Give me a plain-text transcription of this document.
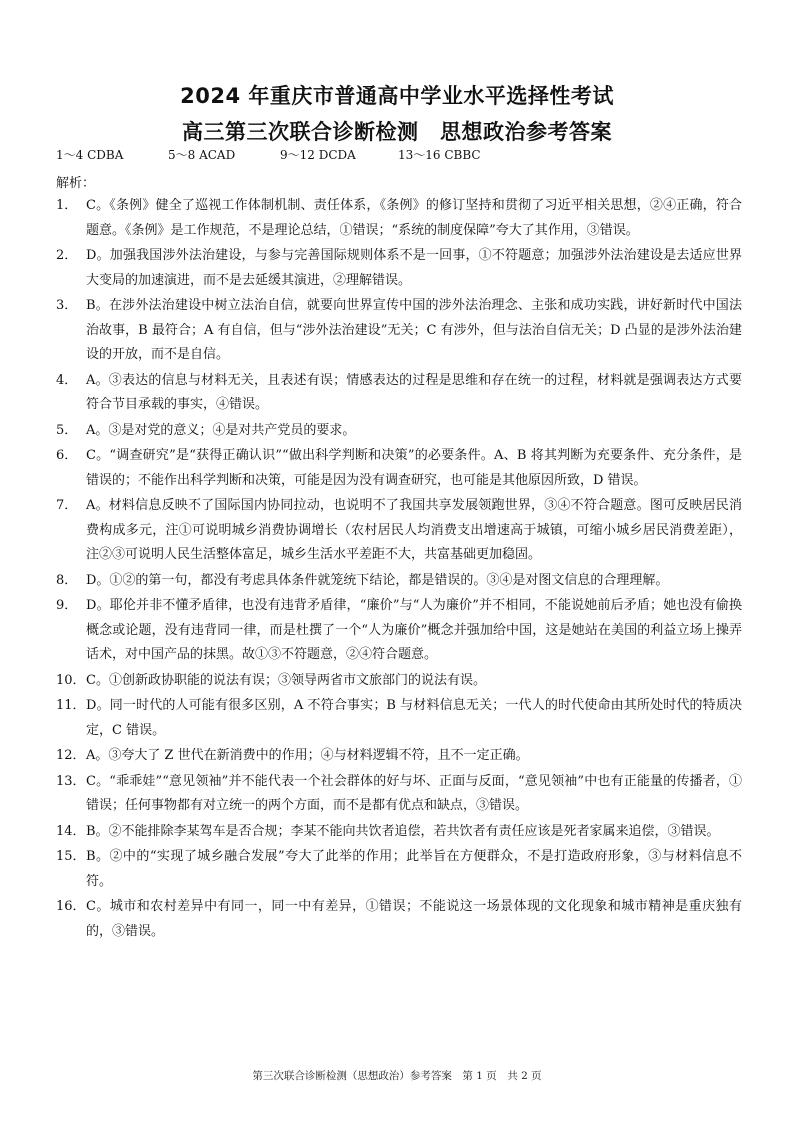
2024 年重庆市普通高中学业水平选择性考试
高三第三次联合诊断检测　思想政治参考答案
1～4 CDBA	5～8 ACAD	9～12 DCDA	13～16 CBBC
解析：
1． C。《条例》健全了巡视工作体制机制、责任体系，《条例》的修订坚持和贯彻了习近平相关思想，②④正确，符合题意。《条例》是工作规范，不是理论总结，①错误；“系统的制度保障”夸大了其作用，③错误。
2． D。加强我国涉外法治建设，与参与完善国际规则体系不是一回事，①不符题意；加强涉外法治建设是去适应世界大变局的加速演进，而不是去延缓其演进，②理解错误。
3． B。在涉外法治建设中树立法治自信，就要向世界宣传中国的涉外法治理念、主张和成功实践，讲好新时代中国法治故事，B 最符合；A 有自信，但与“涉外法治建设”无关；C 有涉外，但与法治自信无关；D 凸显的是涉外法治建设的开放，而不是自信。
4． A。③表达的信息与材料无关，且表述有误；情感表达的过程是思维和存在统一的过程，材料就是强调表达方式要符合节目承载的事实，④错误。
5． A。③是对党的意义；④是对共产党员的要求。
6． C。“调查研究”是“获得正确认识”“做出科学判断和决策”的必要条件。A、B 将其判断为充要条件、充分条件，是错误的；不能作出科学判断和决策，可能是因为没有调查研究，也可能是其他原因所致，D 错误。
7． A。材料信息反映不了国际国内协同拉动，也说明不了我国共享发展领跑世界，③④不符合题意。图可反映居民消费构成多元，注①可说明城乡消费协调增长（农村居民人均消费支出增速高于城镇，可缩小城乡居民消费差距），注②③可说明人民生活整体富足，城乡生活水平差距不大，共富基础更加稳固。
8． D。①②的第一句，都没有考虑具体条件就笼统下结论，都是错误的。③④是对图文信息的合理理解。
9． D。耶伦并非不懂矛盾律，也没有违背矛盾律，“廉价”与“人为廉价”并不相同，不能说她前后矛盾；她也没有偷换概念或论题，没有违背同一律，而是杜撰了一个“人为廉价”概念并强加给中国，这是她站在美国的利益立场上操弄话术，对中国产品的抹黑。故①③不符题意，②④符合题意。
10． C。①创新政协职能的说法有误；③领导两省市文旅部门的说法有误。
11． D。同一时代的人可能有很多区别，A 不符合事实；B 与材料信息无关；一代人的时代使命由其所处时代的特质决定，C 错误。
12． A。③夸大了 Z 世代在新消费中的作用；④与材料逻辑不符，且不一定正确。
13． C。“乖乖娃”“意见领袖”并不能代表一个社会群体的好与坏、正面与反面，“意见领袖”中也有正能量的传播者，①错误；任何事物都有对立统一的两个方面，而不是都有优点和缺点，③错误。
14． B。②不能排除李某驾车是否合规；李某不能向共饮者追偿，若共饮者有责任应该是死者家属来追偿，③错误。
15． B。②中的“实现了城乡融合发展”夸大了此举的作用；此举旨在方便群众，不是打造政府形象，③与材料信息不符。
16． C。城市和农村差异中有同一，同一中有差异，①错误；不能说这一场景体现的文化现象和城市精神是重庆独有的，③错误。
第三次联合诊断检测（思想政治）参考答案　第 1 页　共 2 页
